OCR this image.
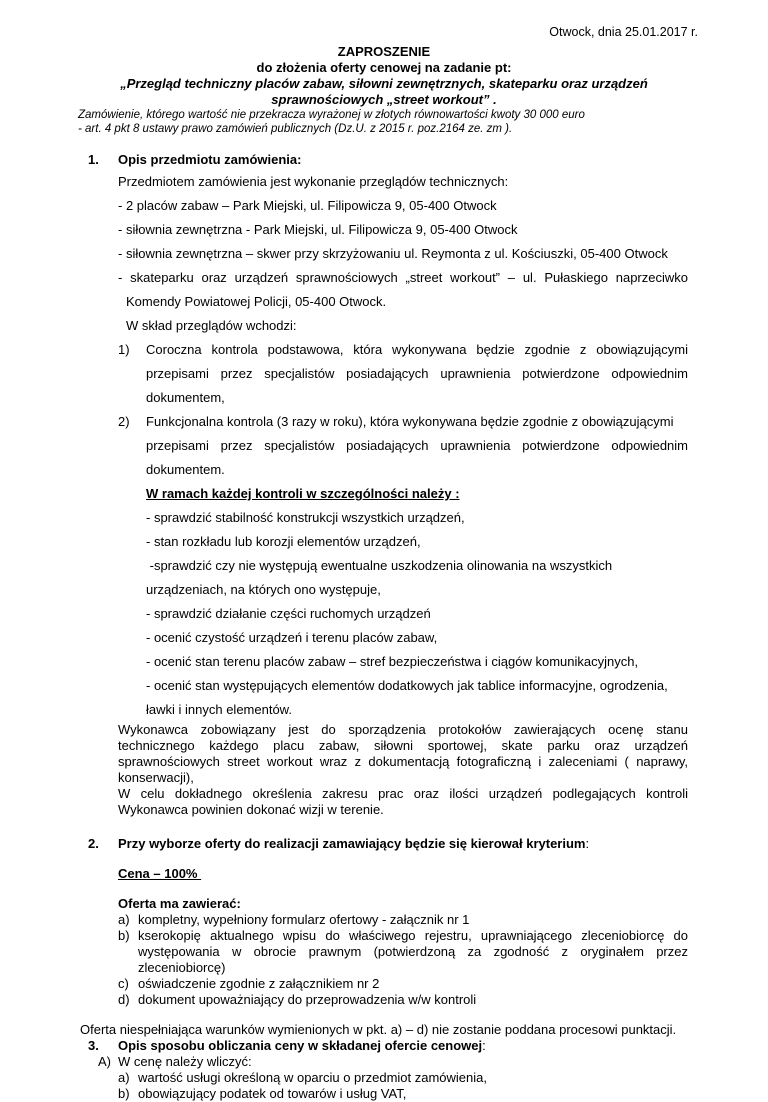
Otwock, dnia 25.01.2017 r.
ZAPROSZENIE
do złożenia oferty cenowej na zadanie pt:
„Przegląd techniczny placów zabaw, siłowni zewnętrznych, skateparku oraz urządzeń
sprawnościowych „street workout” .
Zamówienie, którego wartość nie przekracza wyrażonej w złotych równowartości kwoty 30 000 euro
- art. 4 pkt 8 ustawy prawo zamówień publicznych (Dz.U. z 2015 r. poz.2164 ze. zm ).
1. Opis przedmiotu zamówienia:
Przedmiotem zamówienia jest wykonanie przeglądów technicznych:
- 2 placów zabaw – Park Miejski, ul. Filipowicza 9, 05-400 Otwock
- siłownia zewnętrzna - Park Miejski, ul. Filipowicza 9, 05-400 Otwock
- siłownia zewnętrzna – skwer przy skrzyżowaniu ul. Reymonta z ul. Kościuszki, 05-400 Otwock
- skateparku oraz urządzeń sprawnościowych „street workout” – ul. Pułaskiego naprzeciwko
Komendy Powiatowej Policji, 05-400 Otwock.
W skład przeglądów wchodzi:
1) Coroczna kontrola podstawowa, która wykonywana będzie zgodnie z obowiązującymi
przepisami przez specjalistów posiadających uprawnienia potwierdzone odpowiednim
dokumentem,
2) Funkcjonalna kontrola (3 razy w roku), która wykonywana będzie zgodnie z obowiązującymi
przepisami przez specjalistów posiadających uprawnienia potwierdzone odpowiednim
dokumentem.
W ramach każdej kontroli w szczególności należy :
- sprawdzić stabilność konstrukcji wszystkich urządzeń,
- stan rozkładu lub korozji elementów urządzeń,
-sprawdzić czy nie występują ewentualne uszkodzenia olinowania na wszystkich
urządzeniach, na których ono występuje,
- sprawdzić działanie części ruchomych urządzeń
- ocenić czystość urządzeń i terenu placów zabaw,
- ocenić stan terenu placów zabaw – stref bezpieczeństwa i ciągów komunikacyjnych,
- ocenić stan występujących elementów dodatkowych jak tablice informacyjne, ogrodzenia,
ławki i innych elementów.
Wykonawca zobowiązany jest do sporządzenia protokołów zawierających ocenę stanu technicznego każdego placu zabaw, siłowni sportowej, skate parku oraz urządzeń sprawnościowych street workout wraz z dokumentacją fotograficzną i zaleceniami ( naprawy, konserwacji),
W celu dokładnego określenia zakresu prac oraz ilości urządzeń podlegających kontroli Wykonawca powinien dokonać wizji w terenie.
2. Przy wyborze oferty do realizacji zamawiający będzie się kierował kryterium:
Cena – 100%
Oferta ma zawierać:
a) kompletny, wypełniony formularz ofertowy - załącznik nr 1
b) kserokopię aktualnego wpisu do właściwego rejestru, uprawniającego zleceniobiorcę do występowania w obrocie prawnym (potwierdzoną za zgodność z oryginałem przez zleceniobiorcę)
c) oświadczenie zgodnie z załącznikiem nr 2
d) dokument upoważniający do przeprowadzenia w/w kontroli
Oferta niespełniająca warunków wymienionych w pkt. a) – d) nie zostanie poddana procesowi punktacji.
3. Opis sposobu obliczania ceny w składanej ofercie cenowej:
A) W cenę należy wliczyć:
a) wartość usługi określoną w oparciu o przedmiot zamówienia,
b) obowiązujący podatek od towarów i usług VAT,
